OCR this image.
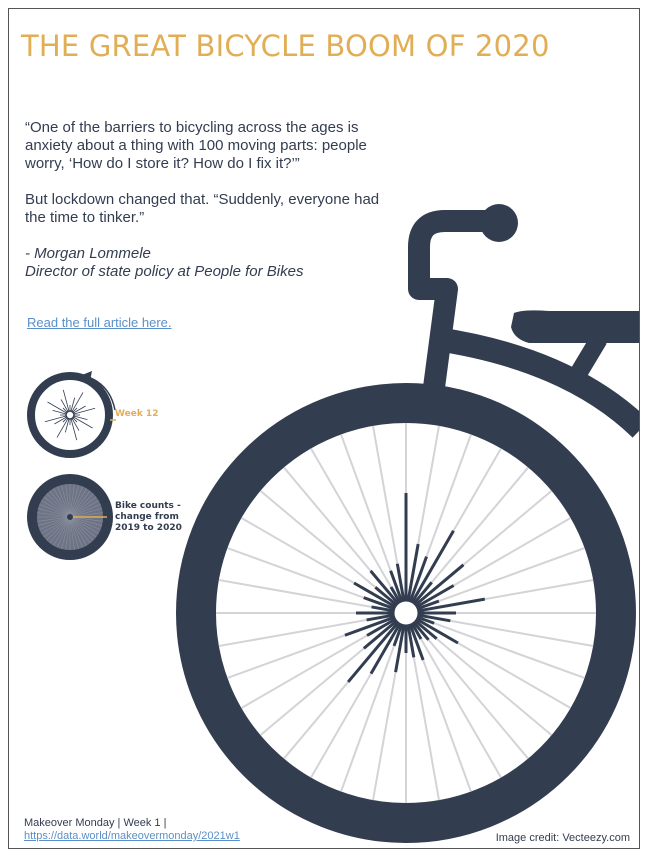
THE GREAT BICYCLE BOOM OF 2020

“One of the barriers to bicycling across the ages is anxiety about a thing with 100 moving parts: people worry, ‘How do I store it? How do I fix it?’”

But lockdown changed that. “Suddenly, everyone had the time to tinker.”

- Morgan Lommele

Director of state policy at People for Bikes

Read the full article here.
Week 12
Bike counts - change from 2019 to 2020
Makeover Monday | Week 1 | https://data.world/makeovermonday/2021w1	Image credit: Vecteezy.com
